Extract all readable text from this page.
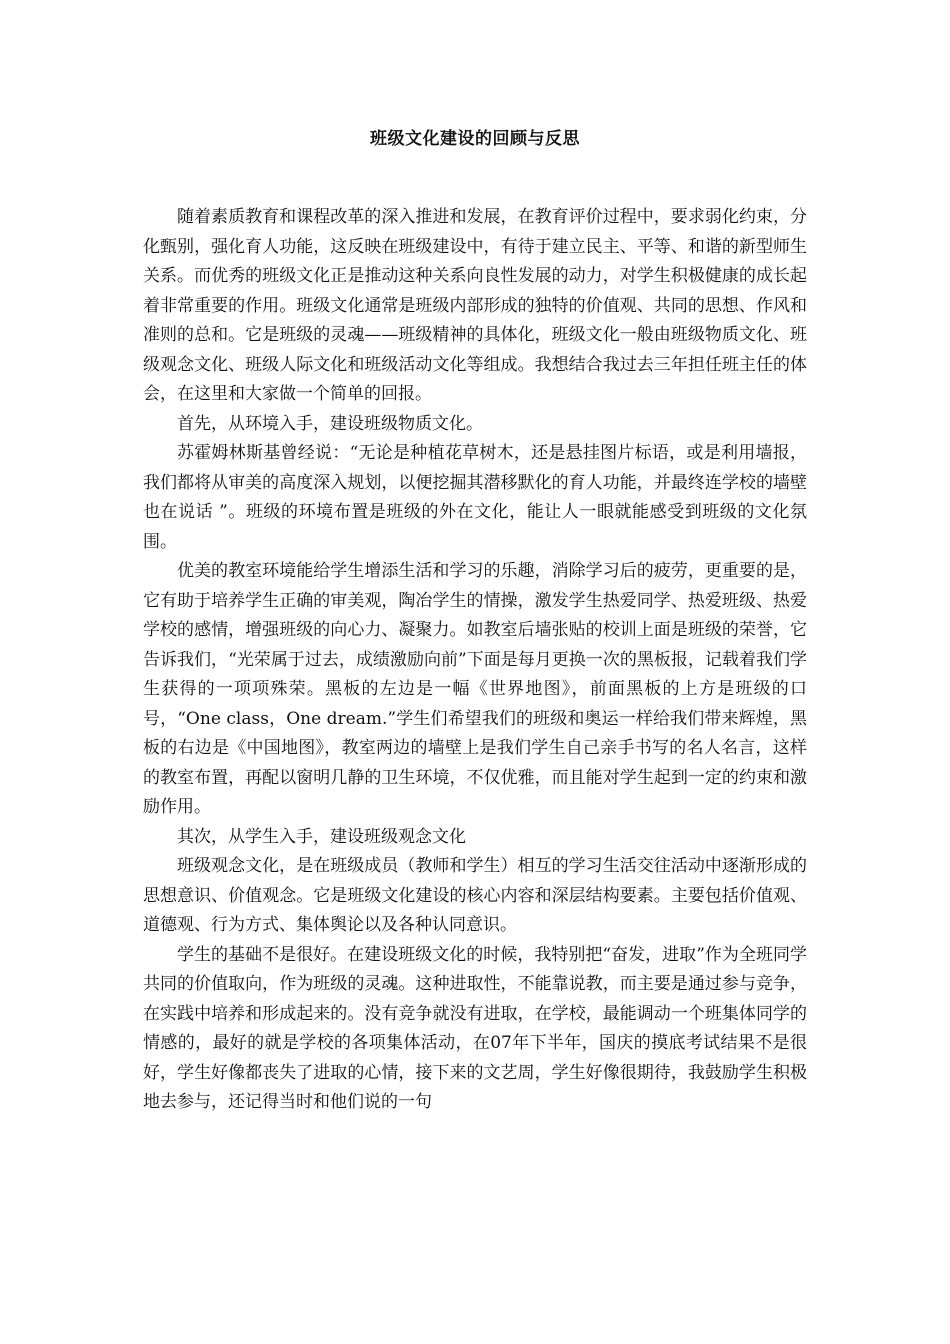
班级文化建设的回顾与反思

随着素质教育和课程改革的深入推进和发展，在教育评价过程中，要求弱化约束，分化甄别，强化育人功能，这反映在班级建设中，有待于建立民主、平等、和谐的新型师生关系。而优秀的班级文化正是推动这种关系向良性发展的动力，对学生积极健康的成长起着非常重要的作用。班级文化通常是班级内部形成的独特的价值观、共同的思想、作风和准则的总和。它是班级的灵魂——班级精神的具体化，班级文化一般由班级物质文化、班级观念文化、班级人际文化和班级活动文化等组成。我想结合我过去三年担任班主任的体会，在这里和大家做一个简单的回报。

首先，从环境入手，建设班级物质文化。

苏霍姆林斯基曾经说：“无论是种植花草树木，还是悬挂图片标语，或是利用墙报，我们都将从审美的高度深入规划，以便挖掘其潜移默化的育人功能，并最终连学校的墙壁也在说话 ”。班级的环境布置是班级的外在文化，能让人一眼就能感受到班级的文化氛围。

优美的教室环境能给学生增添生活和学习的乐趣，消除学习后的疲劳，更重要的是，它有助于培养学生正确的审美观，陶冶学生的情操，激发学生热爱同学、热爱班级、热爱学校的感情，增强班级的向心力、凝聚力。如教室后墙张贴的校训上面是班级的荣誉，它告诉我们，“光荣属于过去，成绩激励向前”下面是每月更换一次的黑板报，记载着我们学生获得的一项项殊荣。黑板的左边是一幅《世界地图》，前面黑板的上方是班级的口号，“One class，One dream.”学生们希望我们的班级和奥运一样给我们带来辉煌，黑板的右边是《中国地图》，教室两边的墙壁上是我们学生自己亲手书写的名人名言，这样的教室布置，再配以窗明几静的卫生环境，不仅优雅，而且能对学生起到一定的约束和激励作用。

其次，从学生入手，建设班级观念文化

班级观念文化，是在班级成员（教师和学生）相互的学习生活交往活动中逐渐形成的思想意识、价值观念。它是班级文化建设的核心内容和深层结构要素。主要包括价值观、道德观、行为方式、集体舆论以及各种认同意识。

学生的基础不是很好。在建设班级文化的时候，我特别把“奋发，进取”作为全班同学共同的价值取向，作为班级的灵魂。这种进取性，不能靠说教，而主要是通过参与竞争，在实践中培养和形成起来的。没有竞争就没有进取，在学校，最能调动一个班集体同学的情感的，最好的就是学校的各项集体活动，在07年下半年，国庆的摸底考试结果不是很好，学生好像都丧失了进取的心情，接下来的文艺周，学生好像很期待，我鼓励学生积极地去参与，还记得当时和他们说的一句
